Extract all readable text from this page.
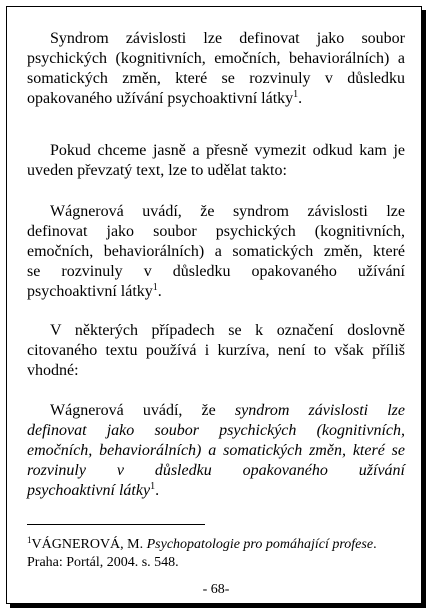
Syndrom závislosti lze definovat jako soubor
psychických (kognitivních, emočních, behaviorálních) a
somatických změn, které se rozvinuly v důsledku
opakovaného užívání psychoaktivní látky$^1$.
Pokud chceme jasně a přesně vymezit odkud kam je
uveden převzatý text, lze to udělat takto:
Wágnerová uvádí, že syndrom závislosti lze
definovat jako soubor psychických (kognitivních,
emočních, behaviorálních) a somatických změn, které
se rozvinuly v důsledku opakovaného užívání
psychoaktivní látky$^1$.
V některých případech se k označení doslovně
citovaného textu používá i kurzíva, není to však příliš
vhodné:
Wágnerová uvádí, že syndrom závislosti lze
definovat jako soubor psychických (kognitivních,
emočních, behaviorálních) a somatických změn, které se
rozvinuly v důsledku opakovaného užívání
psychoaktivní látky$^1$.
$^1$VÁGNEROVÁ, M. Psychopatologie pro pomáhající profese.
Praha: Portál, 2004. s. 548.
- 68-
